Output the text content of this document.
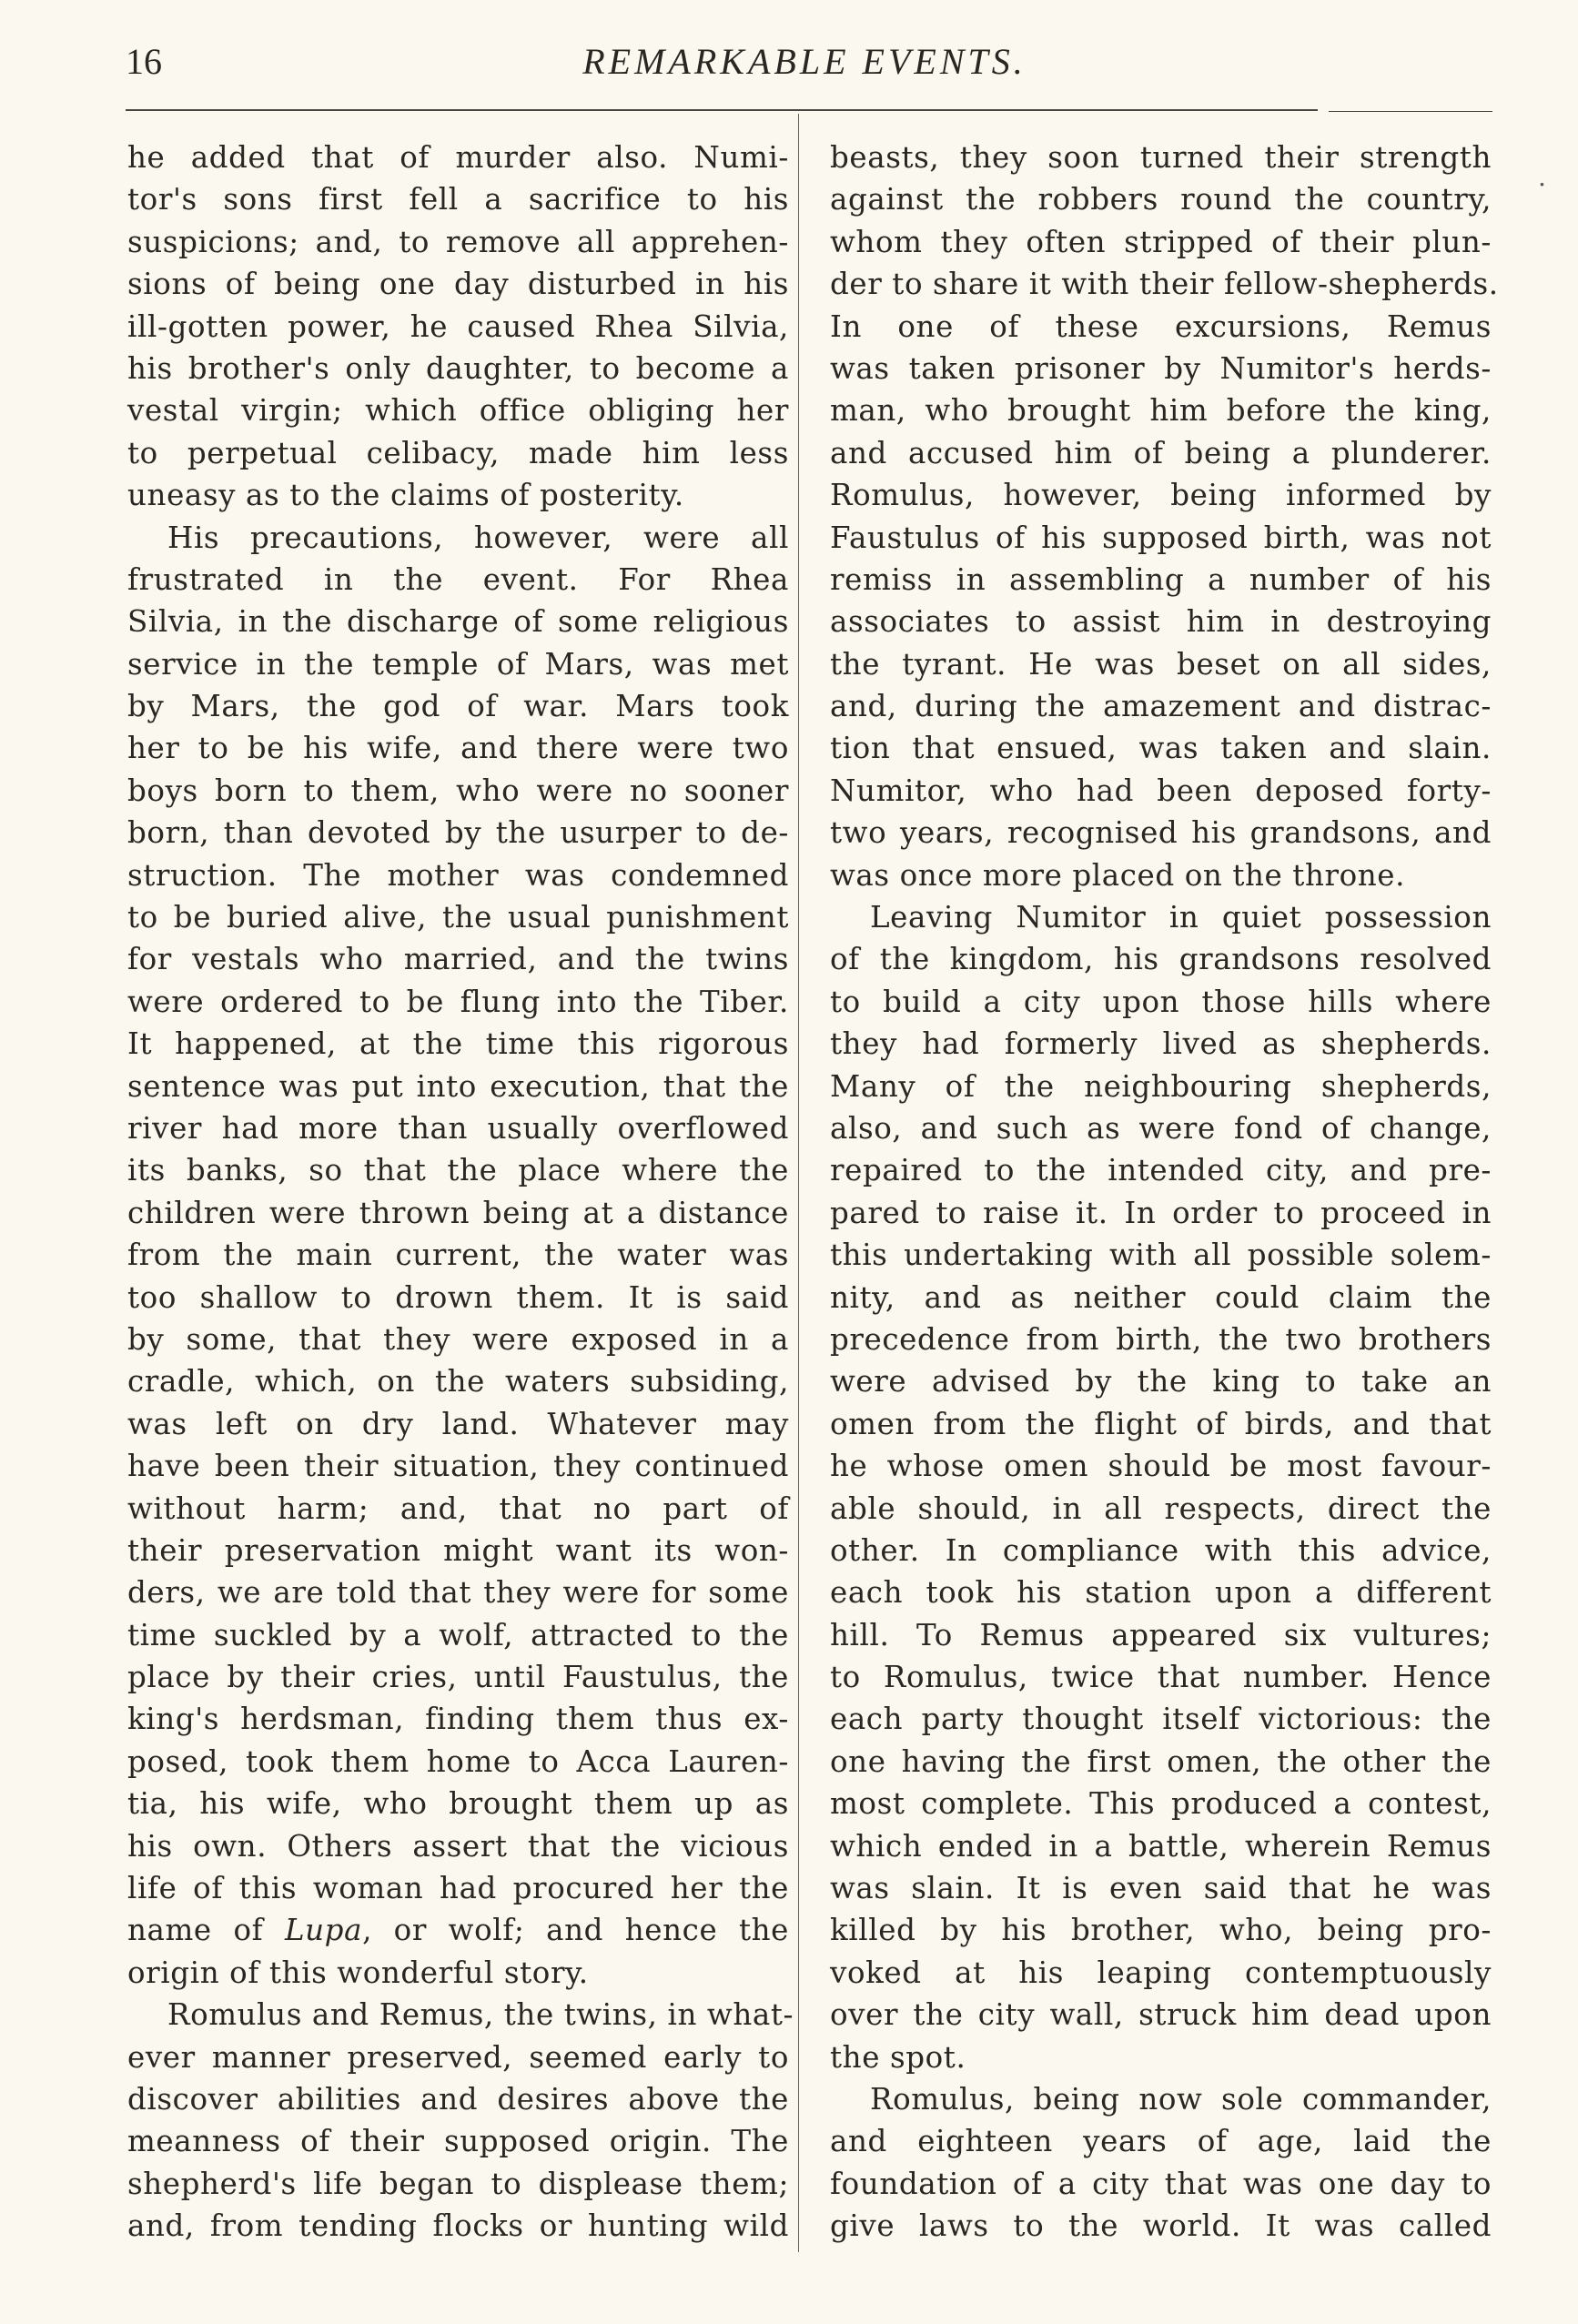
16	REMARKABLE EVENTS.
.
he added that of murder also. Numi-
tor's sons first fell a sacrifice to his
suspicions; and, to remove all apprehen-
sions of being one day disturbed in his
ill-gotten power, he caused Rhea Silvia,
his brother's only daughter, to become a
vestal virgin; which office obliging her
to perpetual celibacy, made him less
uneasy as to the claims of posterity.
His precautions, however, were all
frustrated in the event. For Rhea
Silvia, in the discharge of some religious
service in the temple of Mars, was met
by Mars, the god of war. Mars took
her to be his wife, and there were two
boys born to them, who were no sooner
born, than devoted by the usurper to de-
struction. The mother was condemned
to be buried alive, the usual punishment
for vestals who married, and the twins
were ordered to be flung into the Tiber.
It happened, at the time this rigorous
sentence was put into execution, that the
river had more than usually overflowed
its banks, so that the place where the
children were thrown being at a distance
from the main current, the water was
too shallow to drown them. It is said
by some, that they were exposed in a
cradle, which, on the waters subsiding,
was left on dry land. Whatever may
have been their situation, they continued
without harm; and, that no part of
their preservation might want its won-
ders, we are told that they were for some
time suckled by a wolf, attracted to the
place by their cries, until Faustulus, the
king's herdsman, finding them thus ex-
posed, took them home to Acca Lauren-
tia, his wife, who brought them up as
his own. Others assert that the vicious
life of this woman had procured her the
name of Lupa, or wolf; and hence the
origin of this wonderful story.
Romulus and Remus, the twins, in what-
ever manner preserved, seemed early to
discover abilities and desires above the
meanness of their supposed origin. The
shepherd's life began to displease them;
and, from tending flocks or hunting wild
beasts, they soon turned their strength
against the robbers round the country,
whom they often stripped of their plun-
der to share it with their fellow-shepherds.
In one of these excursions, Remus
was taken prisoner by Numitor's herds-
man, who brought him before the king,
and accused him of being a plunderer.
Romulus, however, being informed by
Faustulus of his supposed birth, was not
remiss in assembling a number of his
associates to assist him in destroying
the tyrant. He was beset on all sides,
and, during the amazement and distrac-
tion that ensued, was taken and slain.
Numitor, who had been deposed forty-
two years, recognised his grandsons, and
was once more placed on the throne.
Leaving Numitor in quiet possession
of the kingdom, his grandsons resolved
to build a city upon those hills where
they had formerly lived as shepherds.
Many of the neighbouring shepherds,
also, and such as were fond of change,
repaired to the intended city, and pre-
pared to raise it. In order to proceed in
this undertaking with all possible solem-
nity, and as neither could claim the
precedence from birth, the two brothers
were advised by the king to take an
omen from the flight of birds, and that
he whose omen should be most favour-
able should, in all respects, direct the
other. In compliance with this advice,
each took his station upon a different
hill. To Remus appeared six vultures;
to Romulus, twice that number. Hence
each party thought itself victorious: the
one having the first omen, the other the
most complete. This produced a contest,
which ended in a battle, wherein Remus
was slain. It is even said that he was
killed by his brother, who, being pro-
voked at his leaping contemptuously
over the city wall, struck him dead upon
the spot.
Romulus, being now sole commander,
and eighteen years of age, laid the
foundation of a city that was one day to
give laws to the world. It was called
